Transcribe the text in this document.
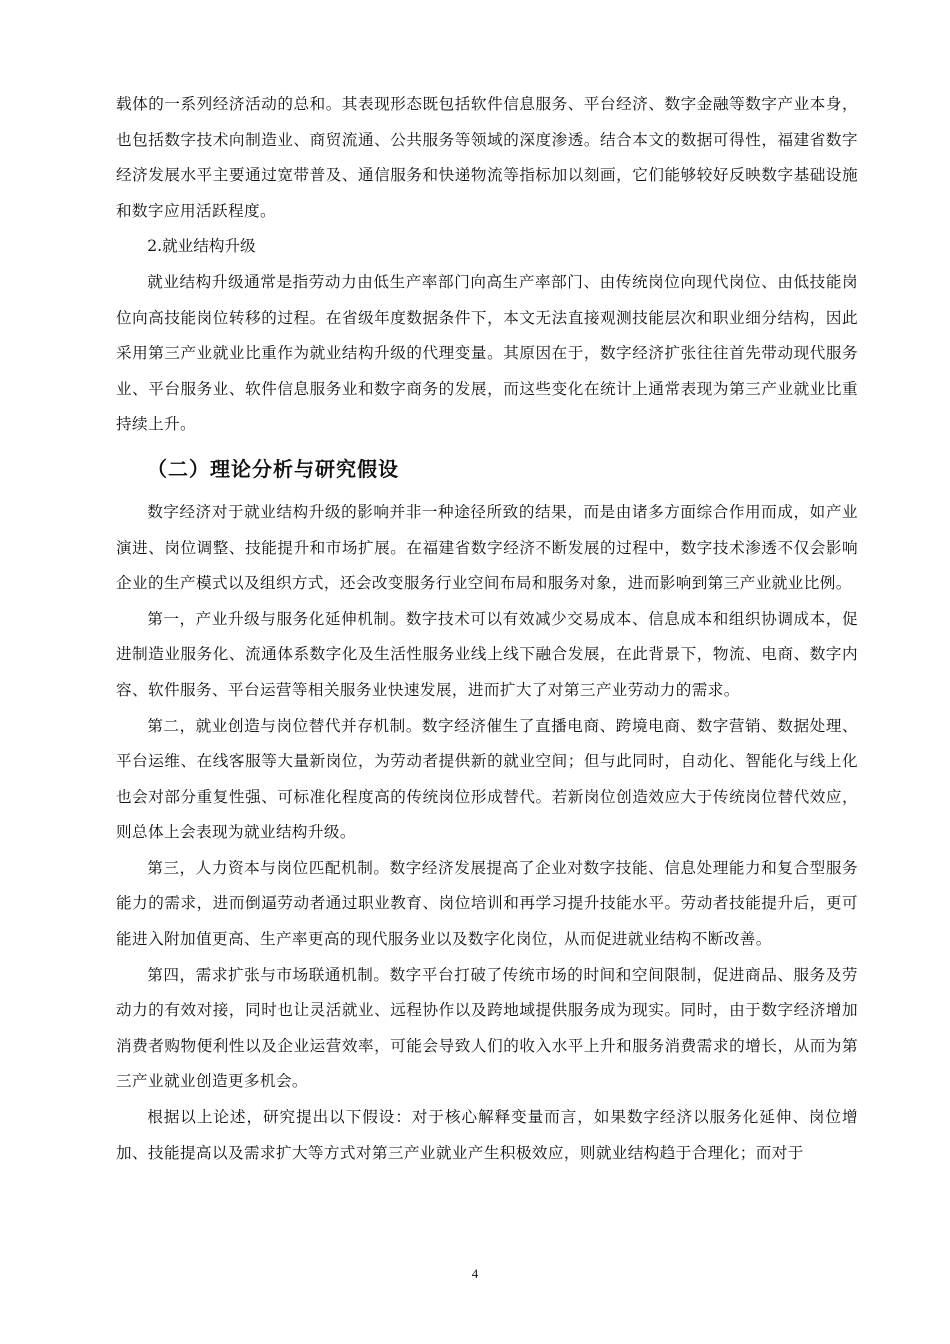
载体的一系列经济活动的总和。其表现形态既包括软件信息服务、平台经济、数字金融等数字产业本身，也包括数字技术向制造业、商贸流通、公共服务等领域的深度渗透。结合本文的数据可得性，福建省数字经济发展水平主要通过宽带普及、通信服务和快递物流等指标加以刻画，它们能够较好反映数字基础设施和数字应用活跃程度。

2.就业结构升级

就业结构升级通常是指劳动力由低生产率部门向高生产率部门、由传统岗位向现代岗位、由低技能岗位向高技能岗位转移的过程。在省级年度数据条件下，本文无法直接观测技能层次和职业细分结构，因此采用第三产业就业比重作为就业结构升级的代理变量。其原因在于，数字经济扩张往往首先带动现代服务业、平台服务业、软件信息服务业和数字商务的发展，而这些变化在统计上通常表现为第三产业就业比重持续上升。

（二）理论分析与研究假设

数字经济对于就业结构升级的影响并非一种途径所致的结果，而是由诸多方面综合作用而成，如产业演进、岗位调整、技能提升和市场扩展。在福建省数字经济不断发展的过程中，数字技术渗透不仅会影响企业的生产模式以及组织方式，还会改变服务行业空间布局和服务对象，进而影响到第三产业就业比例。

第一，产业升级与服务化延伸机制。数字技术可以有效减少交易成本、信息成本和组织协调成本，促进制造业服务化、流通体系数字化及生活性服务业线上线下融合发展，在此背景下，物流、电商、数字内容、软件服务、平台运营等相关服务业快速发展，进而扩大了对第三产业劳动力的需求。

第二，就业创造与岗位替代并存机制。数字经济催生了直播电商、跨境电商、数字营销、数据处理、平台运维、在线客服等大量新岗位，为劳动者提供新的就业空间；但与此同时，自动化、智能化与线上化也会对部分重复性强、可标准化程度高的传统岗位形成替代。若新岗位创造效应大于传统岗位替代效应，则总体上会表现为就业结构升级。

第三，人力资本与岗位匹配机制。数字经济发展提高了企业对数字技能、信息处理能力和复合型服务能力的需求，进而倒逼劳动者通过职业教育、岗位培训和再学习提升技能水平。劳动者技能提升后，更可能进入附加值更高、生产率更高的现代服务业以及数字化岗位，从而促进就业结构不断改善。

第四，需求扩张与市场联通机制。数字平台打破了传统市场的时间和空间限制，促进商品、服务及劳动力的有效对接，同时也让灵活就业、远程协作以及跨地域提供服务成为现实。同时，由于数字经济增加消费者购物便利性以及企业运营效率，可能会导致人们的收入水平上升和服务消费需求的增长，从而为第三产业就业创造更多机会。

根据以上论述，研究提出以下假设：对于核心解释变量而言，如果数字经济以服务化延伸、岗位增加、技能提高以及需求扩大等方式对第三产业就业产生积极效应，则就业结构趋于合理化；而对于

4
